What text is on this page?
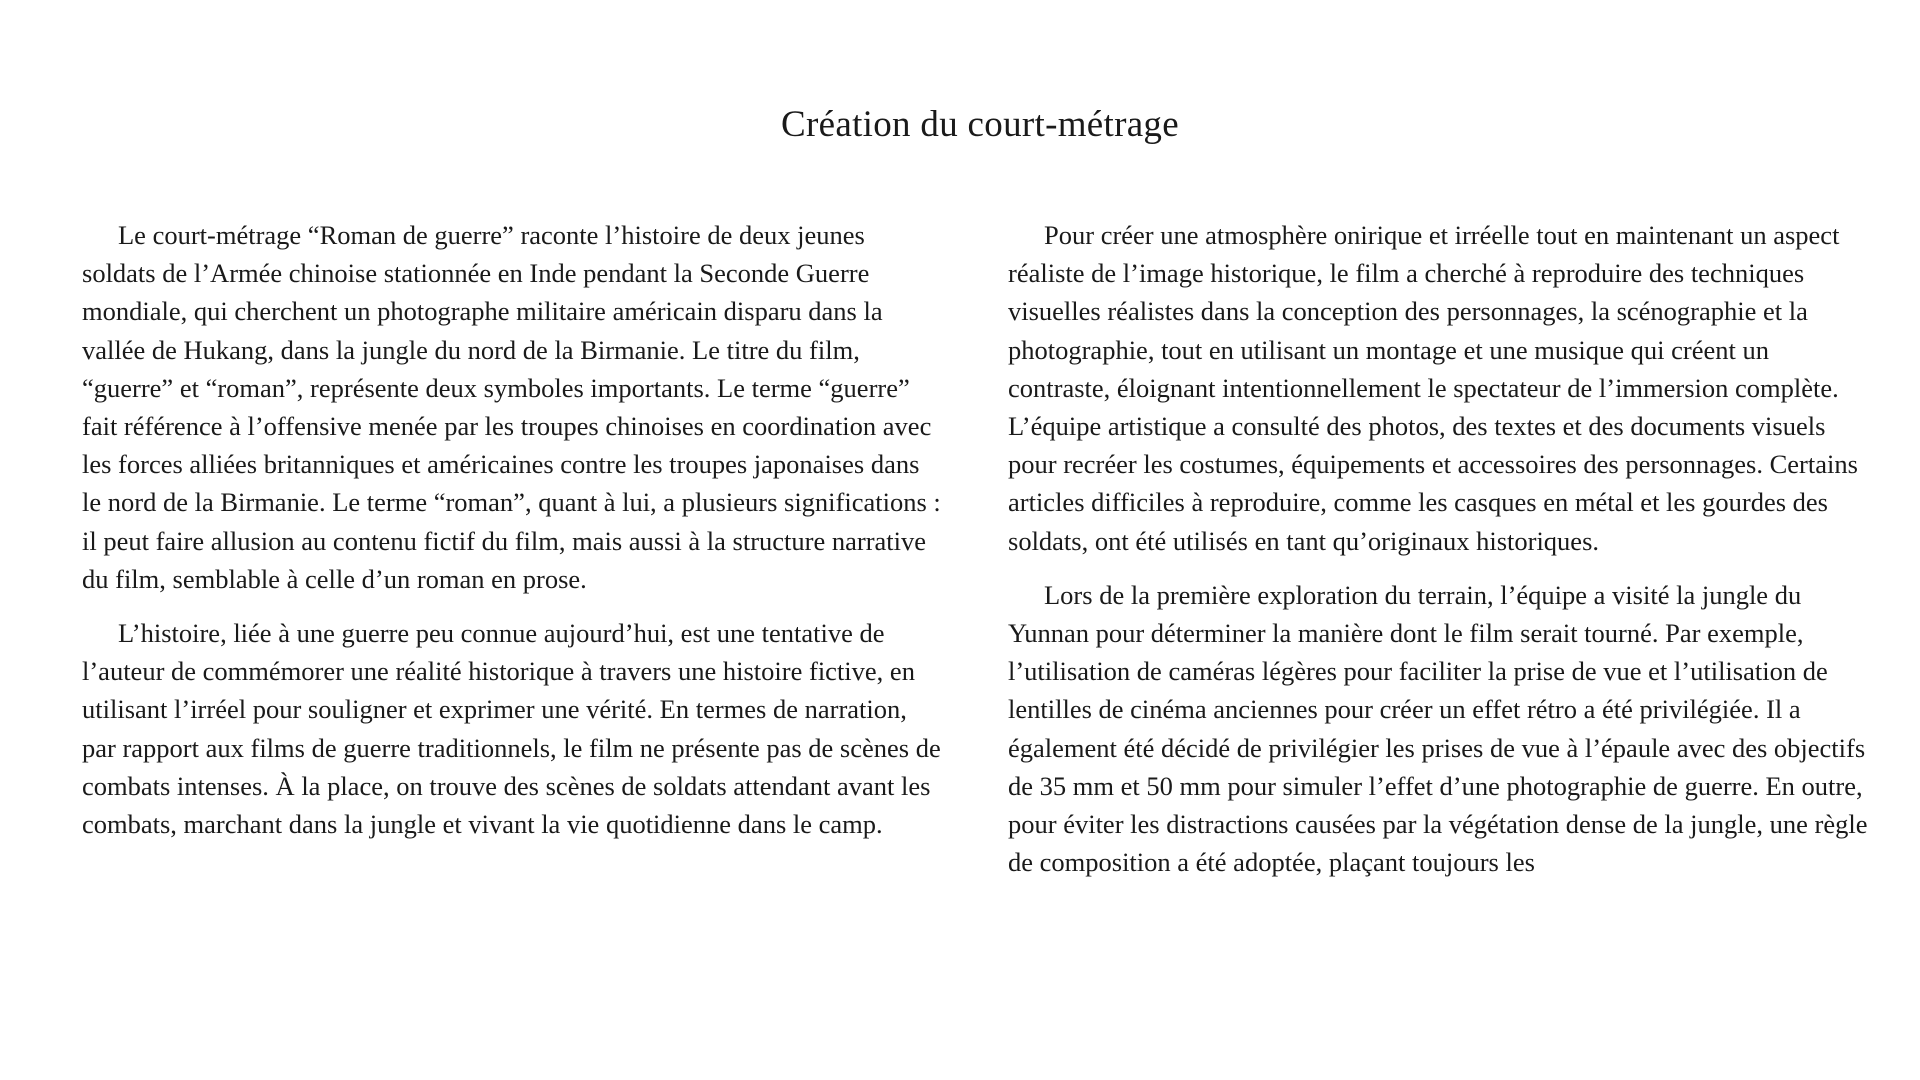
Création du court-métrage

Le court-métrage “Roman de guerre” raconte l’histoire de deux jeunes soldats de l’Armée chinoise stationnée en Inde pendant la Seconde Guerre mondiale, qui cherchent un photographe militaire américain disparu dans la vallée de Hukang, dans la jungle du nord de la Birmanie. Le titre du film, “guerre” et “roman”, représente deux symboles importants. Le terme “guerre” fait référence à l’offensive menée par les troupes chinoises en coordination avec les forces alliées britanniques et américaines contre les troupes japonaises dans le nord de la Birmanie. Le terme “roman”, quant à lui, a plusieurs significations : il peut faire allusion au contenu fictif du film, mais aussi à la structure narrative du film, semblable à celle d’un roman en prose.

L’histoire, liée à une guerre peu connue aujourd’hui, est une tentative de l’auteur de commémorer une réalité historique à travers une histoire fictive, en utilisant l’irréel pour souligner et exprimer une vérité. En termes de narration, par rapport aux films de guerre traditionnels, le film ne présente pas de scènes de combats intenses. À la place, on trouve des scènes de soldats attendant avant les combats, marchant dans la jungle et vivant la vie quotidienne dans le camp.

Pour créer une atmosphère onirique et irréelle tout en maintenant un aspect réaliste de l’image historique, le film a cherché à reproduire des techniques visuelles réalistes dans la conception des personnages, la scénographie et la photographie, tout en utilisant un montage et une musique qui créent un contraste, éloignant intentionnellement le spectateur de l’immersion complète. L’équipe artistique a consulté des photos, des textes et des documents visuels pour recréer les costumes, équipements et accessoires des personnages. Certains articles difficiles à reproduire, comme les casques en métal et les gourdes des soldats, ont été utilisés en tant qu’originaux historiques.

Lors de la première exploration du terrain, l’équipe a visité la jungle du Yunnan pour déterminer la manière dont le film serait tourné. Par exemple, l’utilisation de caméras légères pour faciliter la prise de vue et l’utilisation de lentilles de cinéma anciennes pour créer un effet rétro a été privilégiée. Il a également été décidé de privilégier les prises de vue à l’épaule avec des objectifs de 35 mm et 50 mm pour simuler l’effet d’une photographie de guerre. En outre, pour éviter les distractions causées par la végétation dense de la jungle, une règle de composition a été adoptée, plaçant toujours les
